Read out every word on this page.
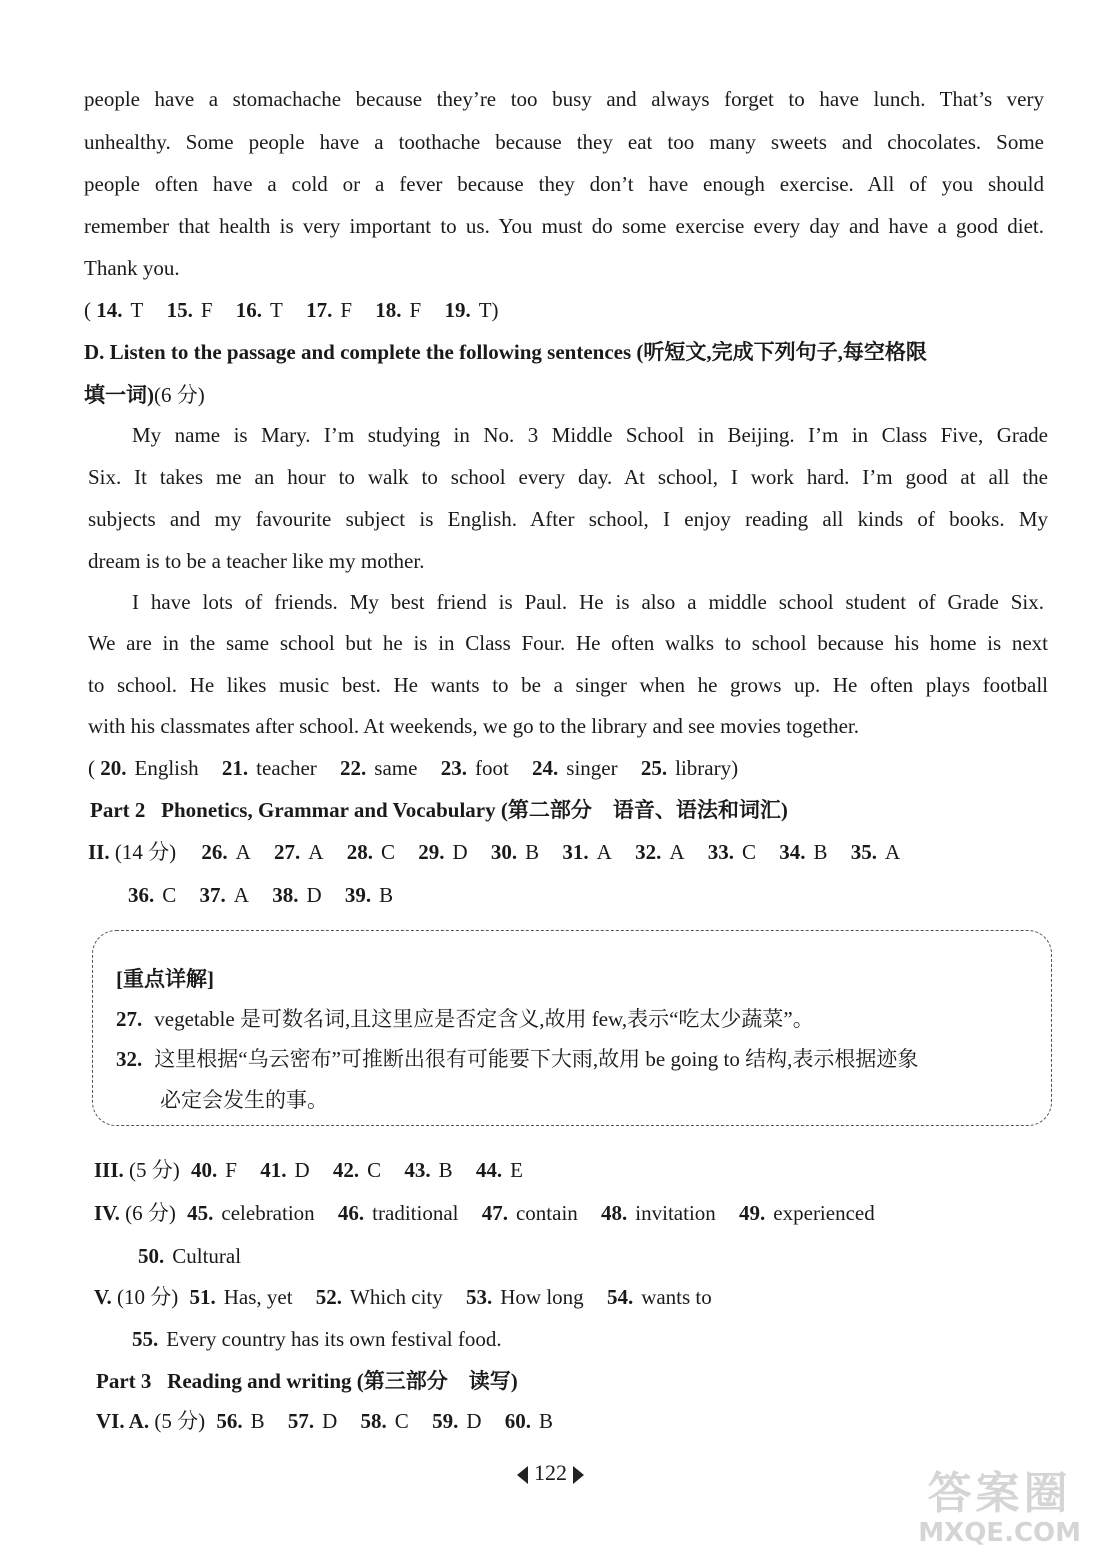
people have a stomachache because they’re too busy and always forget to have lunch. That’s very
unhealthy. Some people have a toothache because they eat too many sweets and chocolates. Some
people often have a cold or a fever because they don’t have enough exercise. All of you should
remember that health is very important to us. You must do some exercise every day and have a good diet.
Thank you.
( 14. T 15. F 16. T 17. F 18. F 19. T)
D. Listen to the passage and complete the following sentences (听短文,完成下列句子,每空格限
填一词)(6 分)
My name is Mary. I’m studying in No. 3 Middle School in Beijing. I’m in Class Five, Grade
Six. It takes me an hour to walk to school every day. At school, I work hard. I’m good at all the
subjects and my favourite subject is English. After school, I enjoy reading all kinds of books. My
dream is to be a teacher like my mother.
I have lots of friends. My best friend is Paul. He is also a middle school student of Grade Six.
We are in the same school but he is in Class Four. He often walks to school because his home is next
to school. He likes music best. He wants to be a singer when he grows up. He often plays football
with his classmates after school. At weekends, we go to the library and see movies together.
( 20. English 21. teacher 22. same 23. foot 24. singer 25. library)
Part 2 Phonetics, Grammar and Vocabulary (第二部分　语音、语法和词汇)
II. (14 分) 26. A 27. A 28. C 29. D 30. B 31. A 32. A 33. C 34. B 35. A
36. C 37. A 38. D 39. B
[重点详解]
27. vegetable 是可数名词,且这里应是否定含义,故用 few,表示“吃太少蔬菜”。
32. 这里根据“乌云密布”可推断出很有可能要下大雨,故用 be going to 结构,表示根据迹象
必定会发生的事。
III. (5 分) 40. F 41. D 42. C 43. B 44. E
IV. (6 分) 45. celebration 46. traditional 47. contain 48. invitation 49. experienced
50. Cultural
V. (10 分) 51. Has, yet 52. Which city 53. How long 54. wants to
55. Every country has its own festival food.
Part 3 Reading and writing (第三部分　读写)
VI. A. (5 分) 56. B 57. D 58. C 59. D 60. B
122	答案圈
MXQE.COM
